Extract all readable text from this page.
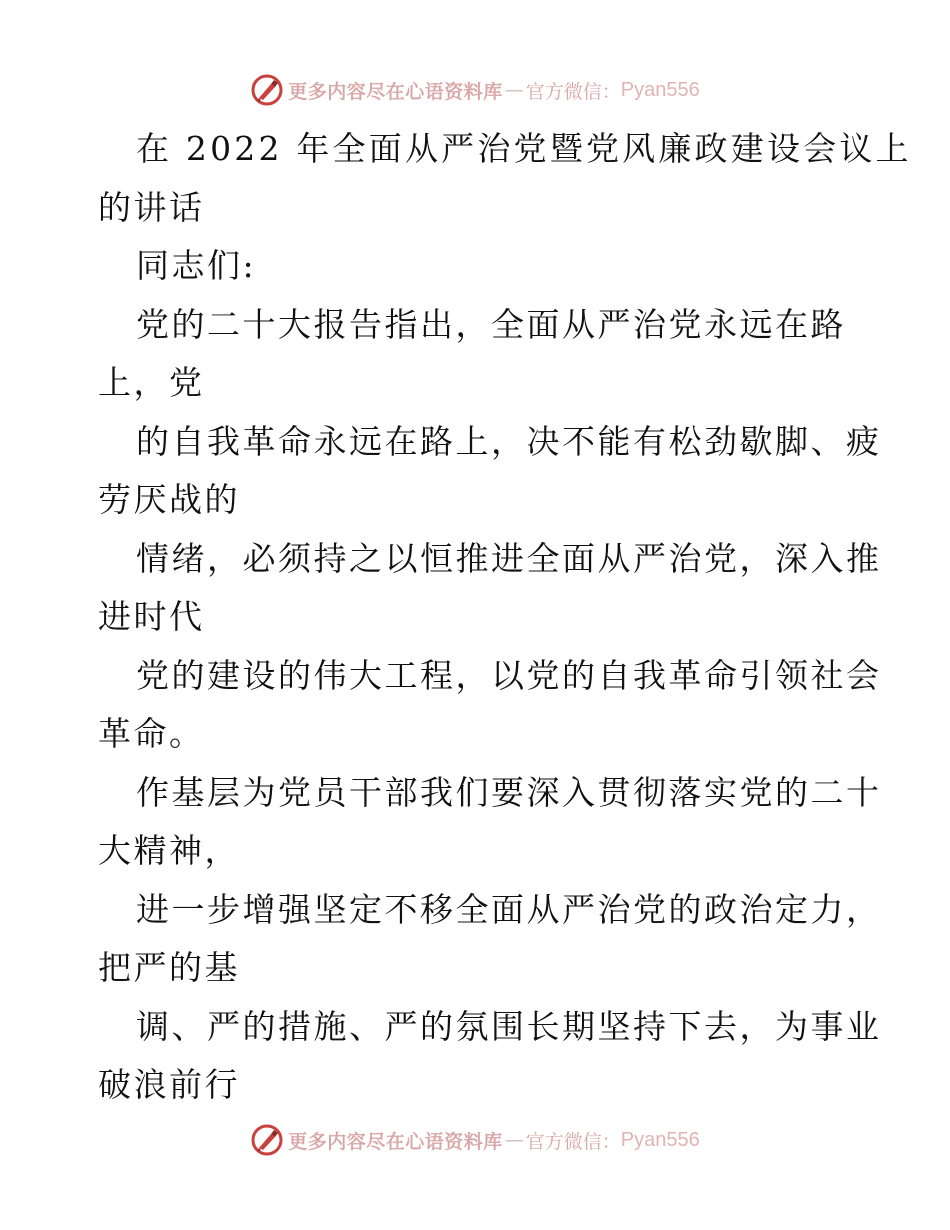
更多内容尽在心语资料库 — 官方微信： Pyan556
在 2022 年全面从严治党暨党风廉政建设会议上
的讲话
同志们:
党的二十大报告指出，全面从严治党永远在路
上，党
的自我革命永远在路上，决不能有松劲歇脚、疲
劳厌战的
情绪，必须持之以恒推进全面从严治党，深入推
进时代
党的建设的伟大工程，以党的自我革命引领社会
革命。
作基层为党员干部我们要深入贯彻落实党的二十
大精神，
进一步增强坚定不移全面从严治党的政治定力，
把严的基
调、严的措施、严的氛围长期坚持下去，为事业
破浪前行
更多内容尽在心语资料库 — 官方微信： Pyan556
